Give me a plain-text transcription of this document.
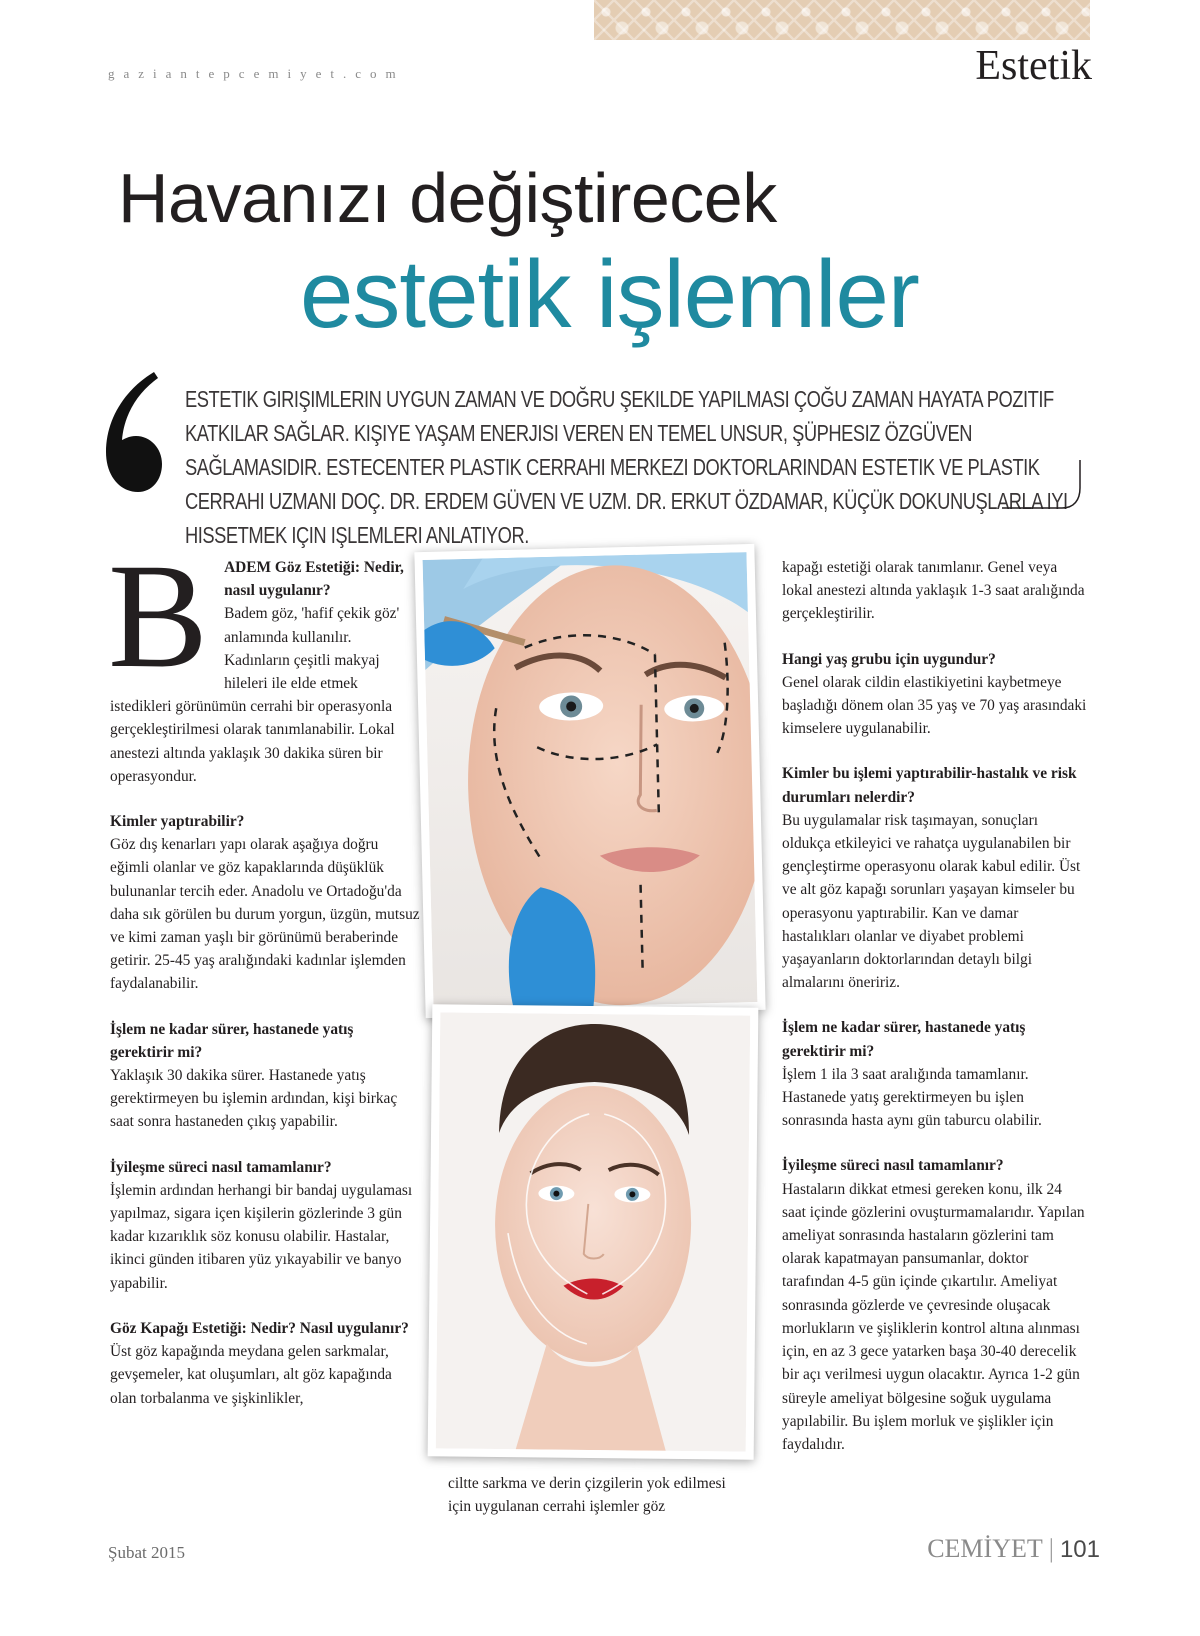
gaziantepcemiyet.com	Estetik
Havanızı değiştirecek
estetik işlemler
ESTETIK GIRIŞIMLERIN UYGUN ZAMAN VE DOĞRU ŞEKILDE YAPILMASI ÇOĞU ZAMAN HAYATA POZITIF KATKILAR SAĞLAR. KIŞIYE YAŞAM ENERJISI VEREN EN TEMEL UNSUR, ŞÜPHESIZ ÖZGÜVEN SAĞLAMASIDIR. ESTECENTER PLASTIK CERRAHI MERKEZI DOKTORLARINDAN ESTETIK VE PLASTIK CERRAHI UZMANI DOÇ. DR. ERDEM GÜVEN VE UZM. DR. ERKUT ÖZDAMAR, KÜÇÜK DOKUNUŞLARLA IYI HISSETMEK IÇIN IŞLEMLERI ANLATIYOR.
B	ADEM Göz Estetiği: Nedir, nasıl uygulanır?

Badem göz, 'hafif çekik göz' anlamında kullanılır. Kadınların çeşitli makyaj hileleri ile elde etmek istedikleri görünümün cerrahi bir operasyonla gerçekleştirilmesi olarak tanımlanabilir. Lokal anestezi altında yaklaşık 30 dakika süren bir operasyondur.

Kimler yaptırabilir?

Göz dış kenarları yapı olarak aşağıya doğru eğimli olanlar ve göz kapaklarında düşüklük bulunanlar tercih eder. Anadolu ve Ortadoğu'da daha sık görülen bu durum yorgun, üzgün, mutsuz ve kimi zaman yaşlı bir görünümü beraberinde getirir. 25-45 yaş aralığındaki kadınlar işlemden faydalanabilir.

İşlem ne kadar sürer, hastanede yatış gerektirir mi?

Yaklaşık 30 dakika sürer. Hastanede yatış gerektirmeyen bu işlemin ardından, kişi birkaç saat sonra hastaneden çıkış yapabilir.

İyileşme süreci nasıl tamamlanır?

İşlemin ardından herhangi bir bandaj uygulaması yapılmaz, sigara içen kişilerin gözlerinde 3 gün kadar kızarıklık söz konusu olabilir. Hastalar, ikinci günden itibaren yüz yıkayabilir ve banyo yapabilir.

Göz Kapağı Estetiği: Nedir? Nasıl uygulanır?

Üst göz kapağında meydana gelen sarkmalar, gevşemeler, kat oluşumları, alt göz kapağında olan torbalanma ve şişkinlikler,

ciltte sarkma ve derin çizgilerin yok edilmesi için uygulanan cerrahi işlemler göz

kapağı estetiği olarak tanımlanır. Genel veya lokal anestezi altında yaklaşık 1-3 saat aralığında gerçekleştirilir.

Hangi yaş grubu için uygundur?

Genel olarak cildin elastikiyetini kaybetmeye başladığı dönem olan 35 yaş ve 70 yaş arasındaki kimselere uygulanabilir.

Kimler bu işlemi yaptırabilir-hastalık ve risk durumları nelerdir?

Bu uygulamalar risk taşımayan, sonuçları oldukça etkileyici ve rahatça uygulanabilen bir gençleştirme operasyonu olarak kabul edilir. Üst ve alt göz kapağı sorunları yaşayan kimseler bu operasyonu yaptırabilir. Kan ve damar hastalıkları olanlar ve diyabet problemi yaşayanların doktorlarından detaylı bilgi almalarını öneririz.

İşlem ne kadar sürer, hastanede yatış gerektirir mi?

İşlem 1 ila 3 saat aralığında tamamlanır. Hastanede yatış gerektirmeyen bu işlen sonrasında hasta aynı gün taburcu olabilir.

İyileşme süreci nasıl tamamlanır?

Hastaların dikkat etmesi gereken konu, ilk 24 saat içinde gözlerini ovuşturmamalarıdır. Yapılan ameliyat sonrasında hastaların gözlerini tam olarak kapatmayan pansumanlar, doktor tarafından 4-5 gün içinde çıkartılır. Ameliyat sonrasında gözlerde ve çevresinde oluşacak morlukların ve şişliklerin kontrol altına alınması için, en az 3 gece yatarken başa 30-40 derecelik bir açı verilmesi uygun olacaktır. Ayrıca 1-2 gün süreyle ameliyat bölgesine soğuk uygulama yapılabilir. Bu işlem morluk ve şişlikler için faydalıdır.

Şubat 2015	CEMİYET | 101
